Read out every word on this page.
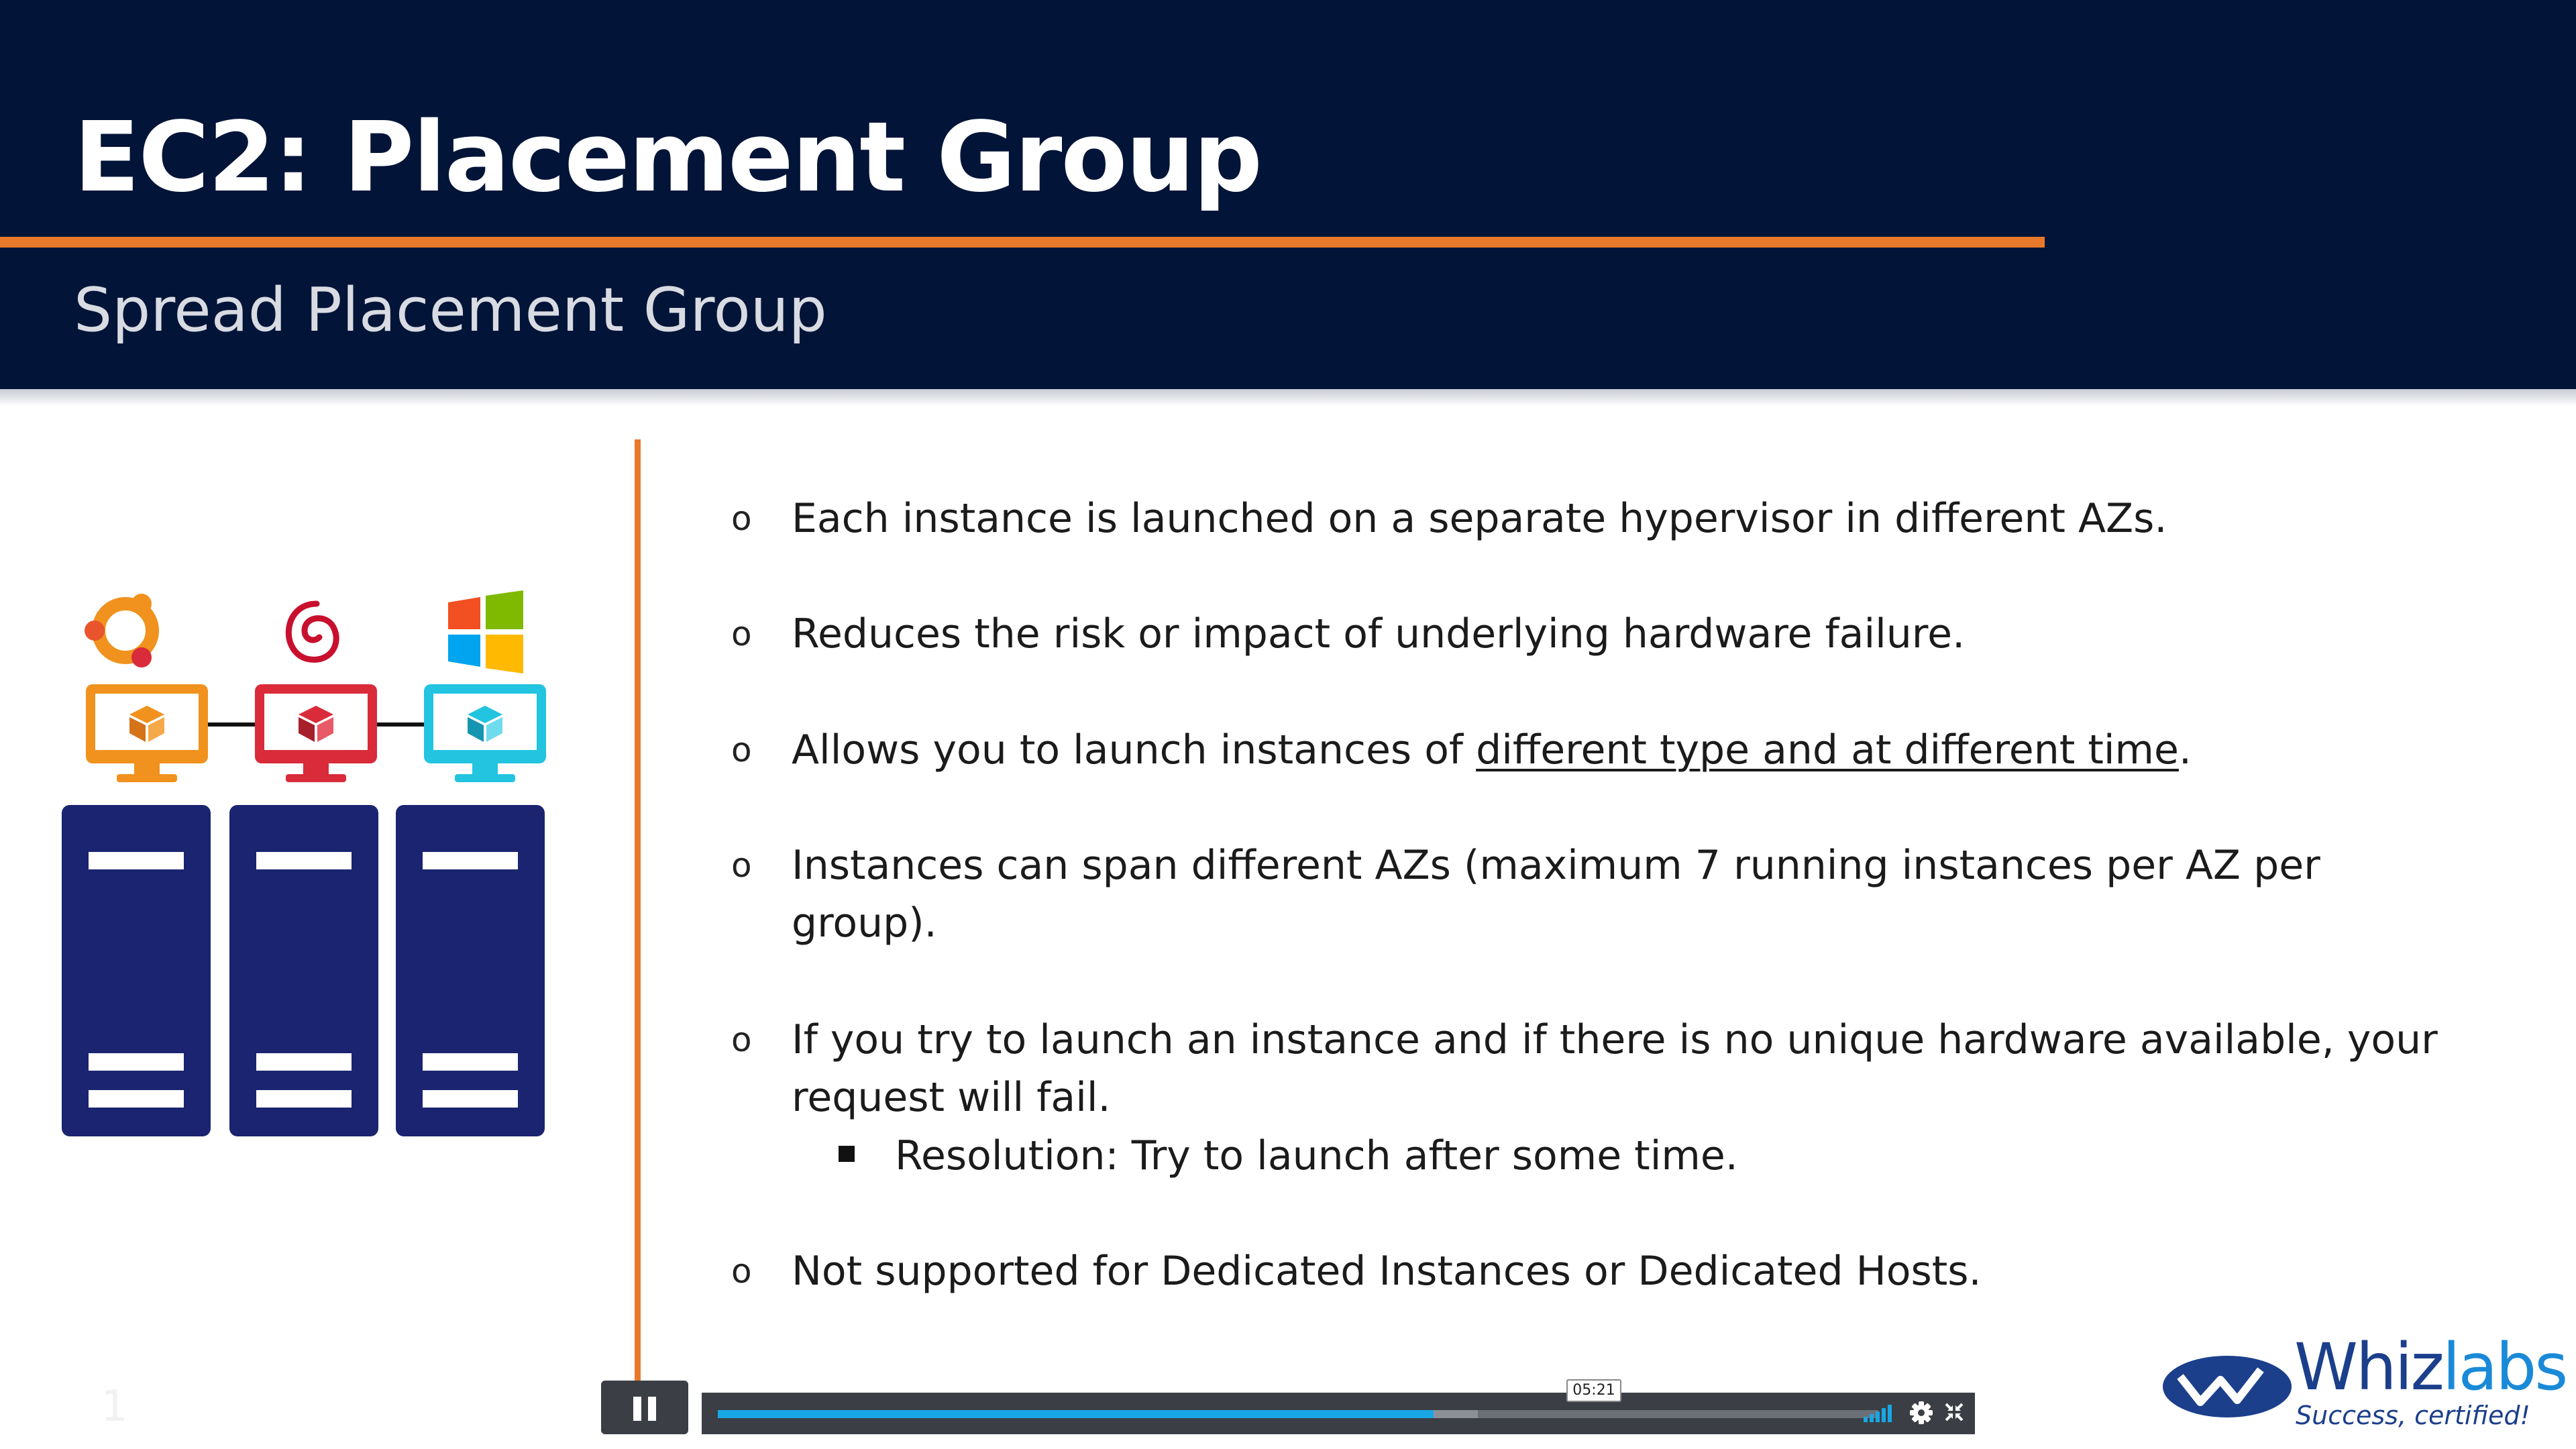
EC2: Placement Group
Spread Placement Group
o Each instance is launched on a separate hypervisor in different AZs.
o Reduces the risk or impact of underlying hardware failure.
o Allows you to launch instances of different type and at different time.
o Instances can span different AZs (maximum 7 running instances per AZ per group).
o If you try to launch an instance and if there is no unique hardware available, your request will fail.
Resolution: Try to launch after some time.
o Not supported for Dedicated Instances or Dedicated Hosts.
1	05:21	Whizlabs
Success, certified!
